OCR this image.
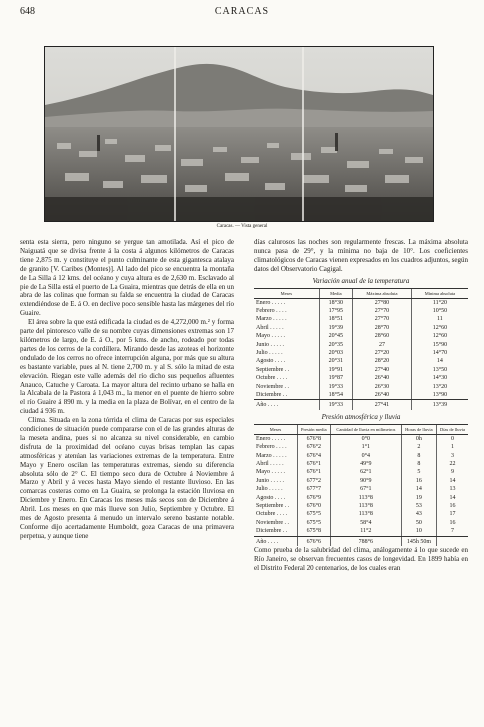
648	CARACAS
Caracas. — Vista general

senta esta sierra, pero ninguno se yergue tan amotilada. Así el pico de Naiguatá que se divisa frente á la costa á algunos kilómetros de Caracas tiene 2,875 m. y constituye el punto culminante de esta gigantesca atalaya de granito [V. Caribes (Montes)]. Al lado del pico se encuentra la montaña de La Silla á 12 kms. del océano y cuya altura es de 2,630 m. Esclavado al pie de La Silla está el puerto de La Guaira, mientras que detrás de ella en un abra de las colinas que forman su falda se encuentra la ciudad de Caracas extendiéndose de E. á O. en declive poco sensible hasta las márgenes del río Guaire.

El área sobre la que está edificada la ciudad es de 4,272,000 m.² y forma parte del pintoresco valle de su nombre cuyas dimensiones extremas son 17 kilómetros de largo, de E. á O., por 5 kms. de ancho, rodeado por todas partes de los cerros de la cordillera. Mirando desde las azoteas el horizonte ondulado de los cerros no ofrece interrupción alguna, por más que su altura es bastante variable, pues al N. tiene 2,700 m. y al S. sólo la mitad de esta elevación. Riegan este valle además del río dicho sus pequeños afluentes Anauco, Catuche y Caroata. La mayor altura del recinto urbano se halla en la Alcabala de la Pastora á 1,043 m., la menor en el puente de hierro sobre el río Guaire á 890 m. y la media en la plaza de Bolívar, en el centro de la ciudad á 936 m.

Clima. Situada en la zona tórrida el clima de Caracas por sus especiales condiciones de situación puede compararse con el de las grandes alturas de la meseta andina, pues si no alcanza su nivel considerable, en cambio disfruta de la proximidad del océano cuyas brisas templan las capas atmosféricas y atenúan las variaciones extremas de la temperatura. Entre Mayo y Enero oscilan las temperaturas extremas, siendo su diferencia absoluta sólo de 2° C. El tiempo seco dura de Octubre á Noviembre á Marzo y Abril y á veces hasta Mayo siendo el restante lluvioso. En las comarcas costeras como en La Guaira, se prolonga la estación lluviosa en Diciembre y Enero. En Caracas los meses más secos son de Diciembre á Abril. Los meses en que más llueve son Julio, Septiembre y Octubre. El mes de Agosto presenta á menudo un intervalo sereno bastante notable. Conforme dijo acertadamente Humboldt, goza Caracas de una primavera perpetua, y aunque tiene

días calurosos las noches son regularmente frescas. La máxima absoluta nunca pasa de 29°, y la mínima no baja de 10°. Los coeficientes climatológicos de Caracas vienen expresados en los cuadros adjuntos, según datos del Observatorio Cagigal.

Variación anual de la temperatura
Meses	Media	Máxima absoluta	Mínima absoluta
Enero . . . . .	18°30	27°80	11°20
Febrero . . . .	17°95	27°70	10°50
Marzo . . . . .	18°51	27°70	11
Abril . . . . .	19°39	28°70	12°60
Mayo . . . . .	20°45	28°60	12°60
Junio . . . . .	20°35	27	15°90
Julio . . . . .	20°03	27°20	14°70
Agosto . . . .	20°31	28°20	14
Septiembre . .	19°91	27°40	13°50
Octubre . . . .	19°87	26°40	14°30
Noviembre . .	19°33	26°30	13°20
Diciembre . .	18°54	26°40	13°90
Año . . . .	19°33	27°41	13°39
Presión atmosférica y lluvia
Meses	Presión media	Cantidad de lluvia en milímetros	Horas de lluvia	Días de lluvia
Enero . . . . .	676°8	0°0	0h	0
Febrero . . . .	676°2	1°1	2	1
Marzo . . . . .	676°4	0°4	8	3
Abril . . . . .	676°1	49°9	8	22
Mayo . . . . .	676°1	62°1	5	9
Junio . . . . .	677°2	90°9	16	14
Julio . . . . .	677°7	67°1	14	13
Agosto . . . .	676°9	113°8	19	14
Septiembre . .	676°0	113°8	53	16
Octubre . . . .	675°5	113°8	43	17
Noviembre . .	675°5	58°4	50	16
Diciembre . .	675°8	11°2	10	7
Año . . . .	676°6	788°6	145h 50m	

Como prueba de la salubridad del clima, análogamente á lo que sucede en Río Janeiro, se observan frecuentes casos de longevidad. En 1899 había en el Distrito Federal 20 centenarios, de los cuales eran
